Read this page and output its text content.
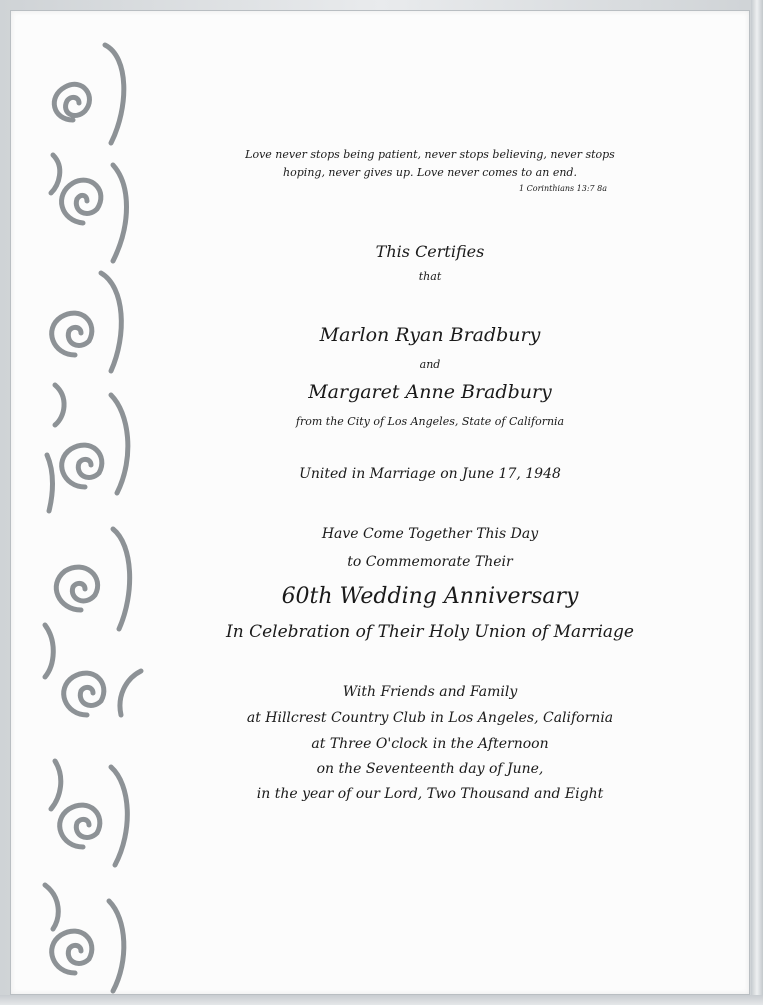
Love never stops being patient, never stops believing, never stops
hoping, never gives up. Love never comes to an end.
1 Corinthians 13:7 8a
This Certifies
that
Marlon Ryan Bradbury
and
Margaret Anne Bradbury
from the City of Los Angeles, State of California
United in Marriage on June 17, 1948
Have Come Together This Day
to Commemorate Their
60th Wedding Anniversary
In Celebration of Their Holy Union of Marriage
With Friends and Family
at Hillcrest Country Club in Los Angeles, California
at Three O'clock in the Afternoon
on the Seventeenth day of June,
in the year of our Lord, Two Thousand and Eight
